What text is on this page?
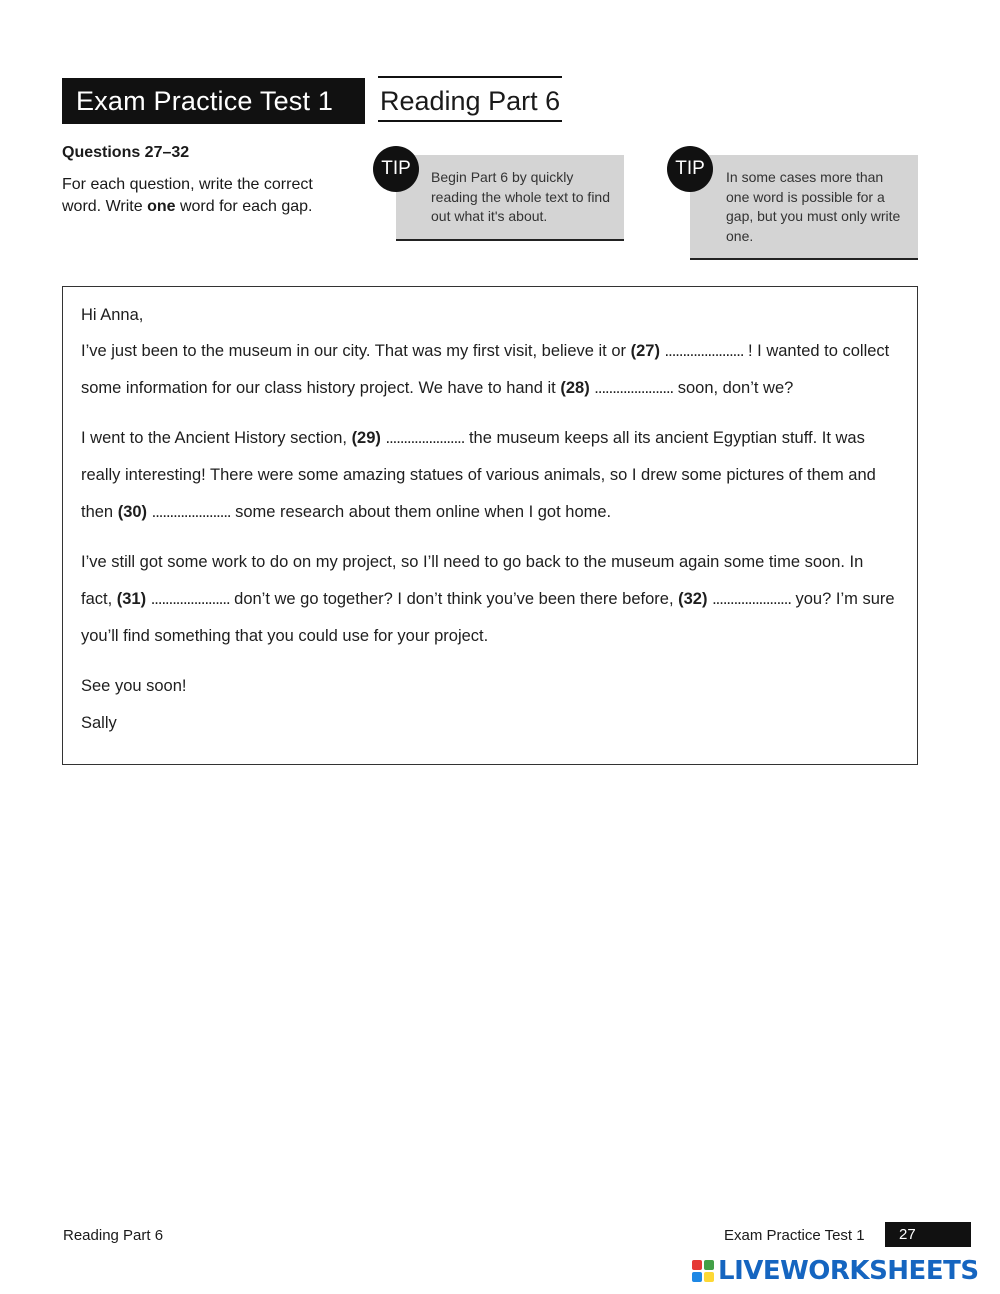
Exam Practice Test 1	Reading Part 6
Questions 27–32
For each question, write the correct word. Write one word for each gap.
Begin Part 6 by quickly reading the whole text to find out what it's about.
TIP	In some cases more than one word is possible for a gap, but you must only write one.
TIP

Hi Anna,

I’ve just been to the museum in our city. That was my first visit, believe it or (27) ...................... ! I wanted to collect some information for our class history project. We have to hand it (28) ...................... soon, don’t we?

I went to the Ancient History section, (29) ...................... the museum keeps all its ancient Egyptian stuff. It was really interesting! There were some amazing statues of various animals, so I drew some pictures of them and then (30) ...................... some research about them online when I got home.

I’ve still got some work to do on my project, so I’ll need to go back to the museum again some time soon. In fact, (31) ...................... don’t we go together? I don’t think you’ve been there before, (32) ...................... you? I’m sure you’ll find something that you could use for your project.

See you soon!

Sally

Reading Part 6	Exam Practice Test 1	27
LIVEWORKSHEETS
